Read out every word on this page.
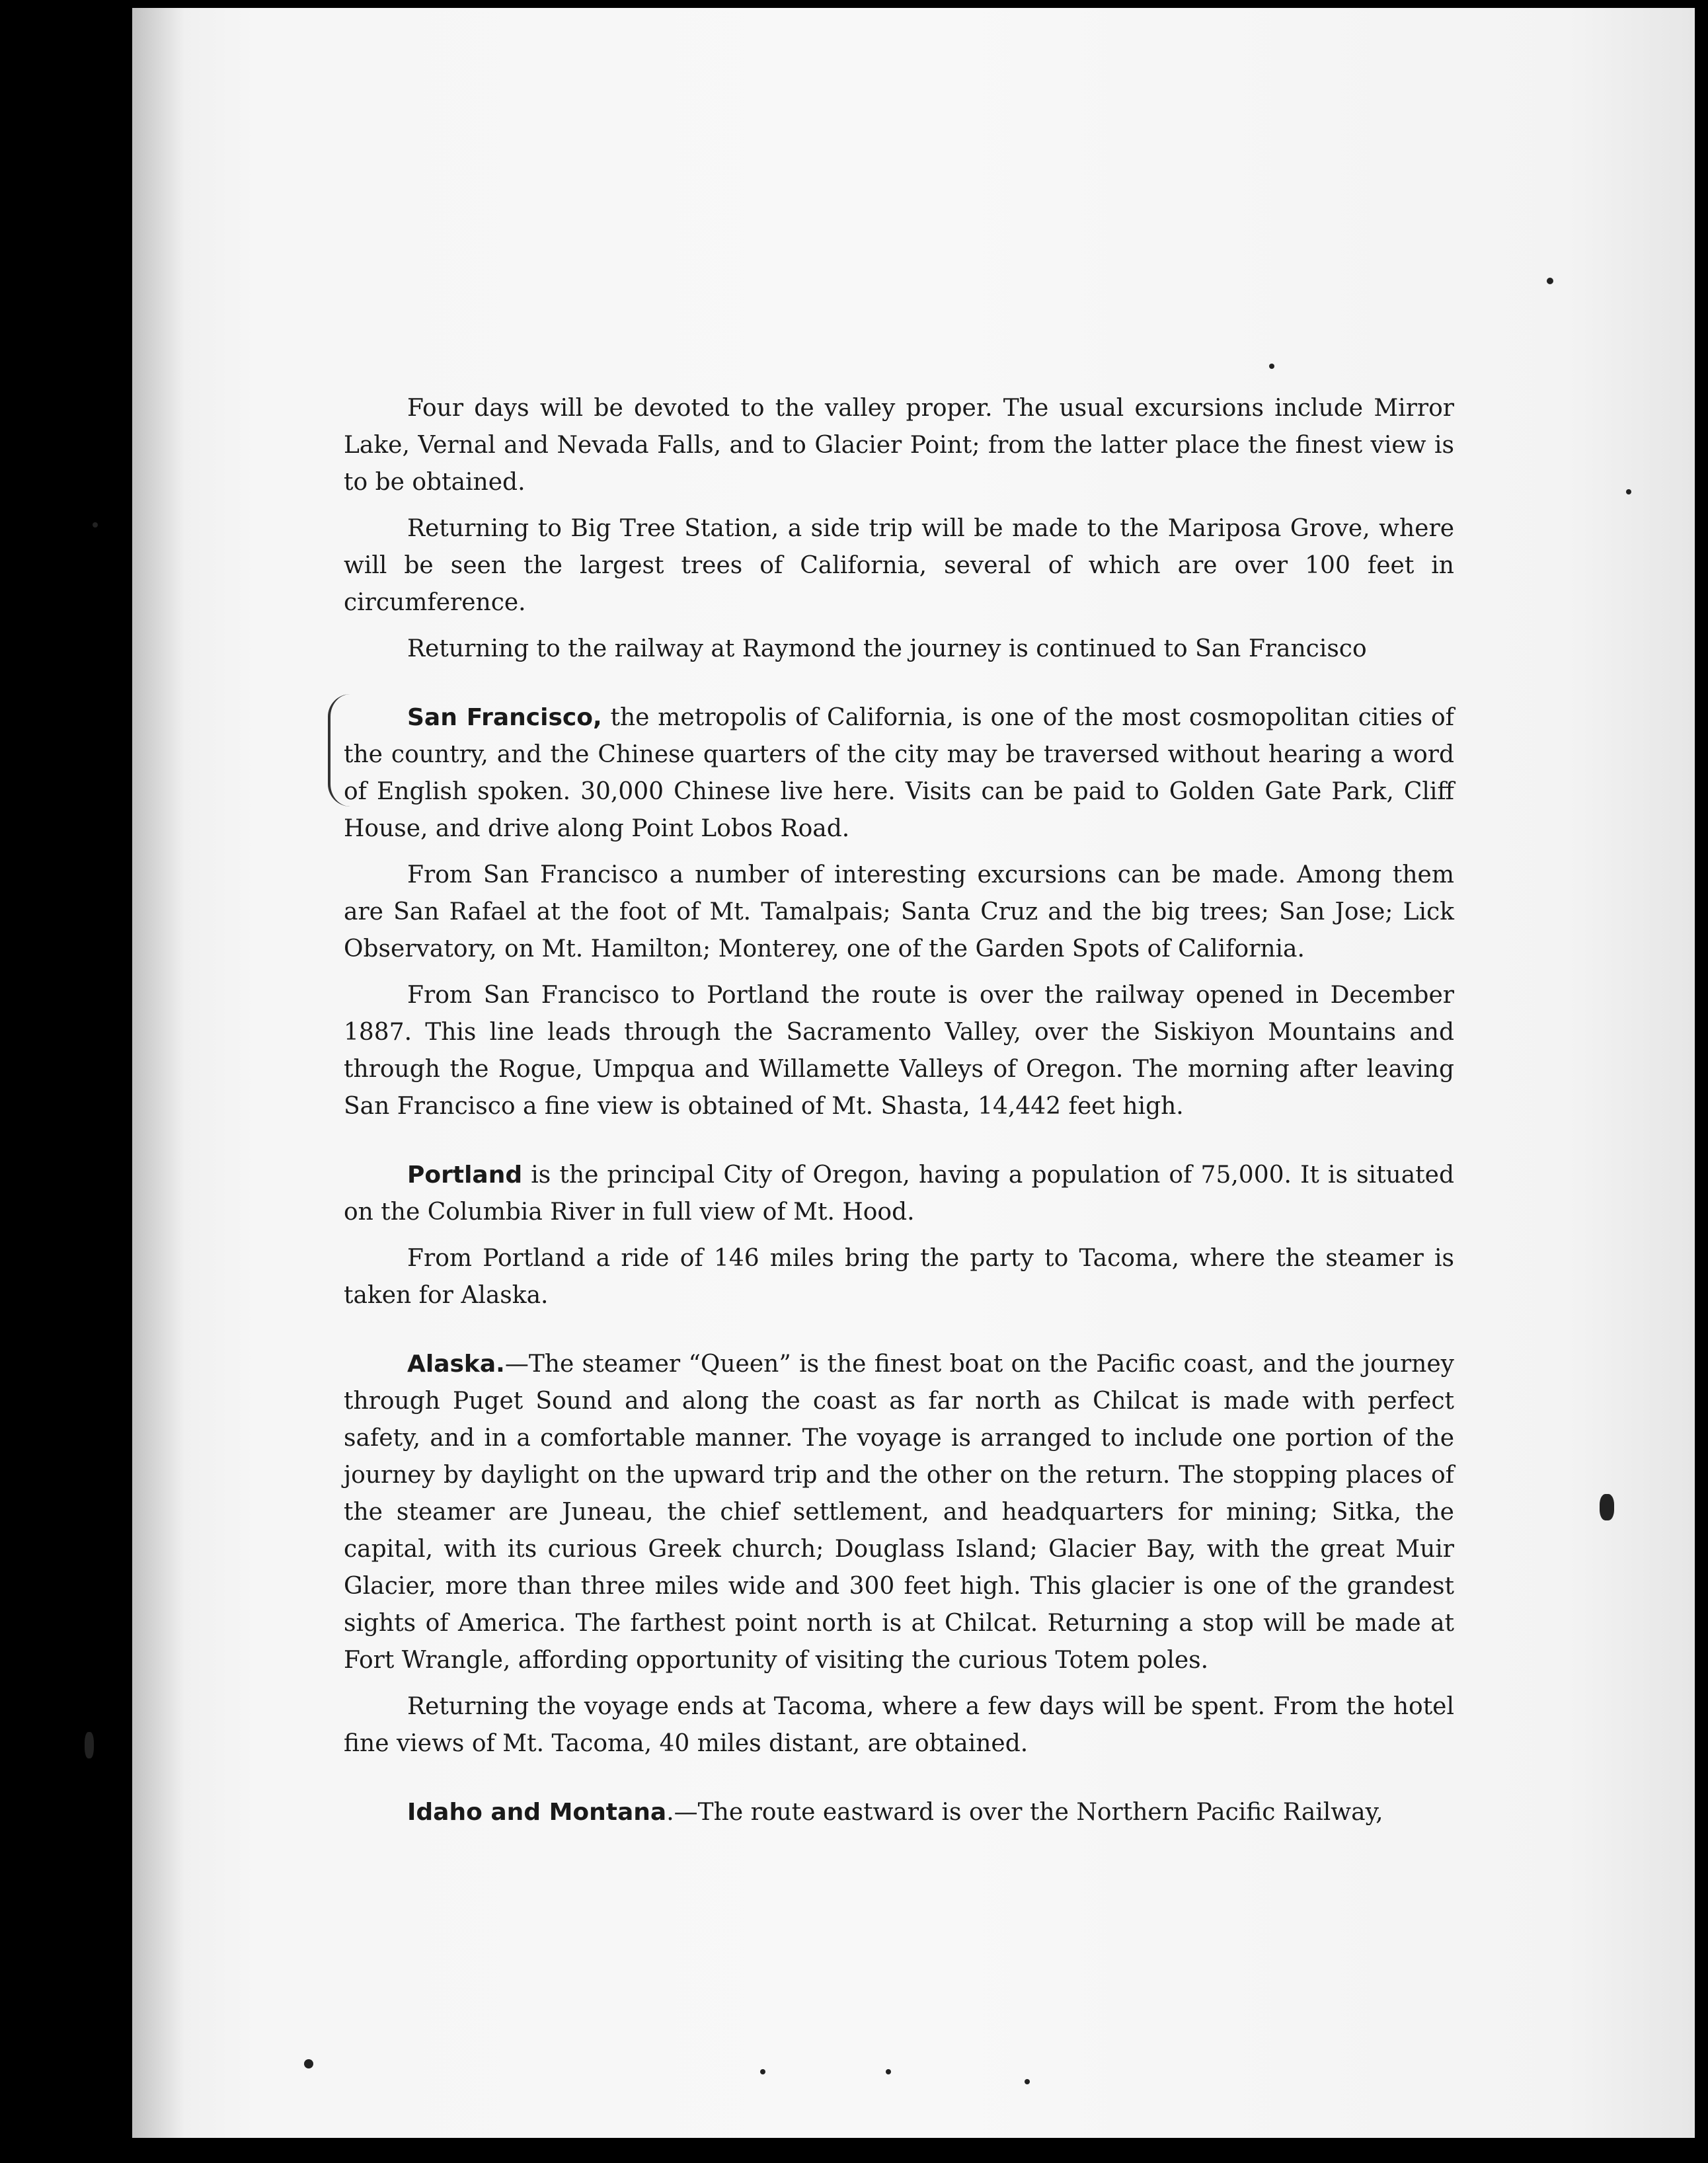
Four days will be devoted to the valley proper. The usual excursions include Mirror Lake, Vernal and Nevada Falls, and to Glacier Point; from the latter place the finest view is to be obtained.

Returning to Big Tree Station, a side trip will be made to the Mariposa Grove, where will be seen the largest trees of California, several of which are over 100 feet in circumference.

Returning to the railway at Raymond the journey is continued to San Francisco

San Francisco, the metropolis of California, is one of the most cosmopolitan cities of the country, and the Chinese quarters of the city may be traversed without hearing a word of English spoken. 30,000 Chinese live here. Visits can be paid to Golden Gate Park, Cliff House, and drive along Point Lobos Road.

From San Francisco a number of interesting excursions can be made. Among them are San Rafael at the foot of Mt. Tamalpais; Santa Cruz and the big trees; San Jose; Lick Observatory, on Mt. Hamilton; Monterey, one of the Garden Spots of California.

From San Francisco to Portland the route is over the railway opened in December 1887. This line leads through the Sacramento Valley, over the Siskiyon Mountains and through the Rogue, Umpqua and Willamette Valleys of Oregon. The morning after leaving San Francisco a fine view is obtained of Mt. Shasta, 14,442 feet high.

Portland is the principal City of Oregon, having a population of 75,000. It is situated on the Columbia River in full view of Mt. Hood.

From Portland a ride of 146 miles bring the party to Tacoma, where the steamer is taken for Alaska.

Alaska.—The steamer “Queen” is the finest boat on the Pacific coast, and the journey through Puget Sound and along the coast as far north as Chilcat is made with perfect safety, and in a comfortable manner. The voyage is arranged to include one portion of the journey by daylight on the upward trip and the other on the return. The stopping places of the steamer are Juneau, the chief settlement, and headquarters for mining; Sitka, the capital, with its curious Greek church; Douglass Island; Glacier Bay, with the great Muir Glacier, more than three miles wide and 300 feet high. This glacier is one of the grandest sights of America. The farthest point north is at Chilcat. Returning a stop will be made at Fort Wrangle, affording opportunity of visiting the curious Totem poles.

Returning the voyage ends at Tacoma, where a few days will be spent. From the hotel fine views of Mt. Tacoma, 40 miles distant, are obtained.

Idaho and Montana.—The route eastward is over the Northern Pacific Railway,
